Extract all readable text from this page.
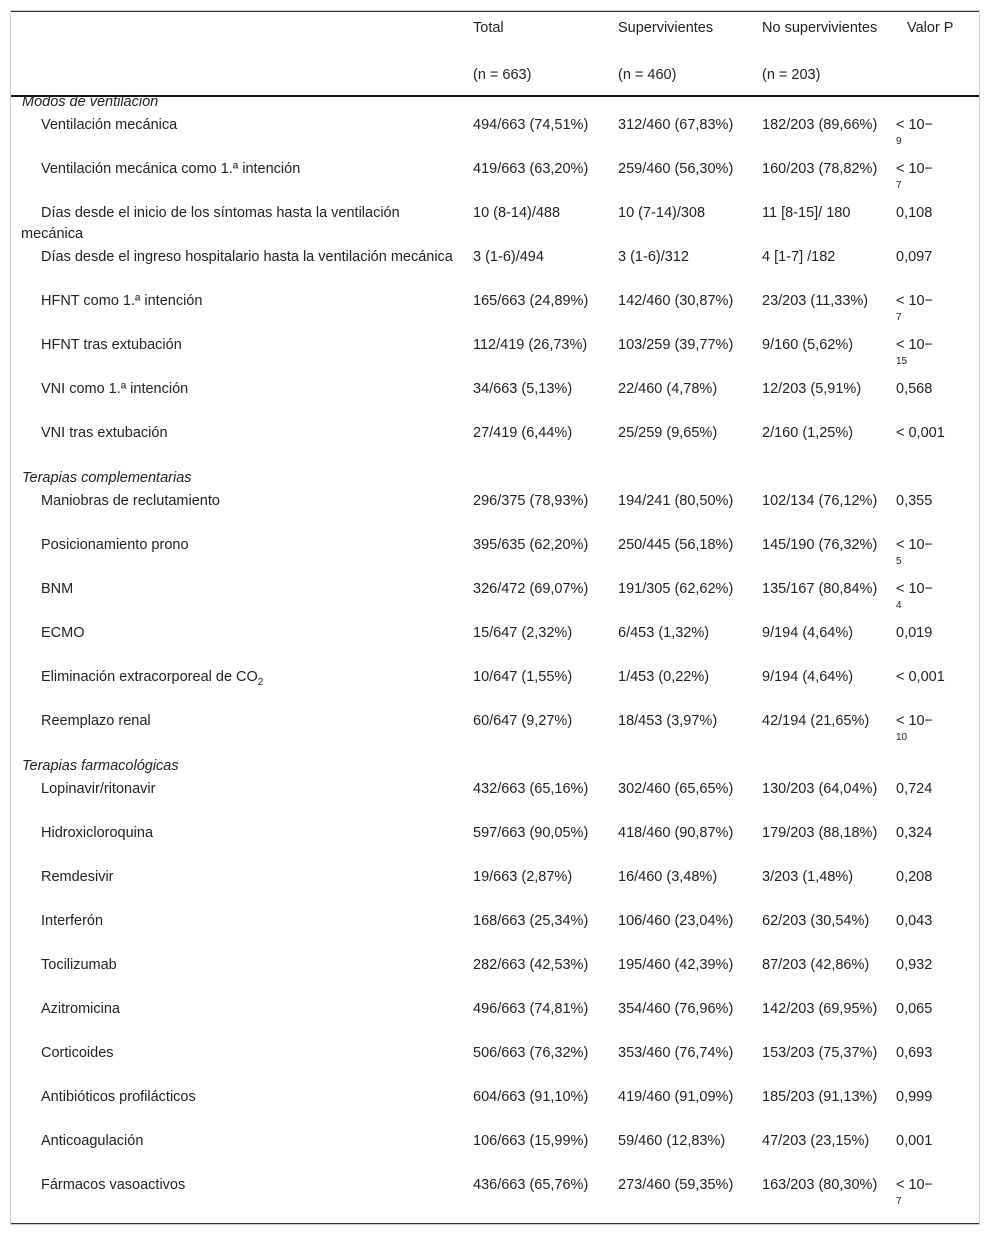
	Total	Supervivientes	No supervivientes	Valor P
	(n = 663)	(n = 460)	(n = 203)	
Modos de ventilación				
Ventilación mecánica	494/663 (74,51%)	312/460 (67,83%)	182/203 (89,66%)	< 10−
9

Ventilación mecánica como 1.ª intención	419/663 (63,20%)	259/460 (56,30%)	160/203 (78,82%)	< 10−
7

Días desde el inicio de los síntomas hasta la ventilación mecánica	10 (8-14)/488	10 (7-14)/308	11 [8-15]/ 180	0,108

Días desde el ingreso hospitalario hasta la ventilación mecánica	3 (1-6)/494	3 (1-6)/312	4 [1-7] /182	0,097

HFNT como 1.ª intención	165/663 (24,89%)	142/460 (30,87%)	23/203 (11,33%)	< 10−
7

HFNT tras extubación	112/419 (26,73%)	103/259 (39,77%)	9/160 (5,62%)	< 10−
15

VNI como 1.ª intención	34/663 (5,13%)	22/460 (4,78%)	12/203 (5,91%)	0,568

VNI tras extubación	27/419 (6,44%)	25/259 (9,65%)	2/160 (1,25%)	< 0,001

Terapias complementarias				
Maniobras de reclutamiento	296/375 (78,93%)	194/241 (80,50%)	102/134 (76,12%)	0,355

Posicionamiento prono	395/635 (62,20%)	250/445 (56,18%)	145/190 (76,32%)	< 10−
5

BNM	326/472 (69,07%)	191/305 (62,62%)	135/167 (80,84%)	< 10−
4

ECMO	15/647 (2,32%)	6/453 (1,32%)	9/194 (4,64%)	0,019

Eliminación extracorporeal de $CO_2$	10/647 (1,55%)	1/453 (0,22%)	9/194 (4,64%)	< 0,001

Reemplazo renal	60/647 (9,27%)	18/453 (3,97%)	42/194 (21,65%)	< 10−
10

Terapias farmacológicas				
Lopinavir/ritonavir	432/663 (65,16%)	302/460 (65,65%)	130/203 (64,04%)	0,724

Hidroxicloroquina	597/663 (90,05%)	418/460 (90,87%)	179/203 (88,18%)	0,324

Remdesivir	19/663 (2,87%)	16/460 (3,48%)	3/203 (1,48%)	0,208

Interferón	168/663 (25,34%)	106/460 (23,04%)	62/203 (30,54%)	0,043

Tocilizumab	282/663 (42,53%)	195/460 (42,39%)	87/203 (42,86%)	0,932

Azitromicina	496/663 (74,81%)	354/460 (76,96%)	142/203 (69,95%)	0,065

Corticoides	506/663 (76,32%)	353/460 (76,74%)	153/203 (75,37%)	0,693

Antibióticos profilácticos	604/663 (91,10%)	419/460 (91,09%)	185/203 (91,13%)	0,999

Anticoagulación	106/663 (15,99%)	59/460 (12,83%)	47/203 (23,15%)	0,001

Fármacos vasoactivos	436/663 (65,76%)	273/460 (59,35%)	163/203 (80,30%)	< 10−
7
